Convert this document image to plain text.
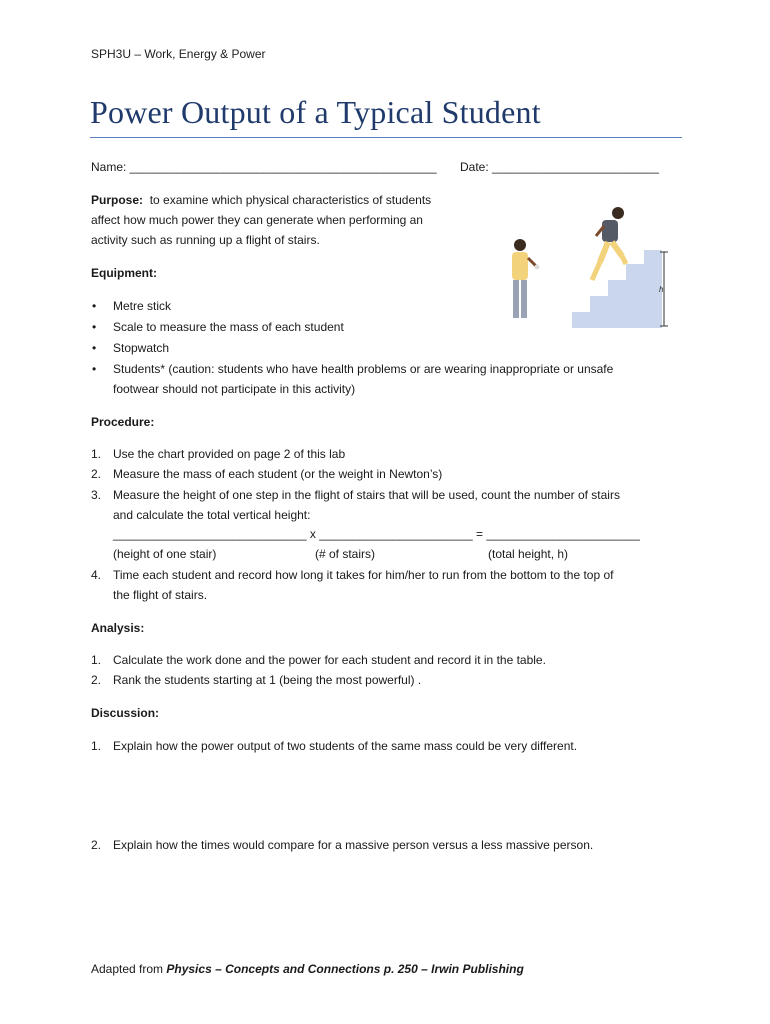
SPH3U – Work, Energy & Power
Power Output of a Typical Student
Name: ______________________________________________ Date: _________________________
Purpose: to examine which physical characteristics of students
affect how much power they can generate when performing an
activity such as running up a flight of stairs.
h
Equipment:
• Metre stick
• Scale to measure the mass of each student
• Stopwatch
• Students* (caution: students who have health problems or are wearing inappropriate or unsafe
footwear should not participate in this activity)
Procedure:
1. Use the chart provided on page 2 of this lab
2. Measure the mass of each student (or the weight in Newton’s)
3. Measure the height of one step in the flight of stairs that will be used, count the number of stairs
and calculate the total vertical height:
_____________________________ x _______________________ = _______________________
(height of one stair)	(# of stairs)	(total height, h)
4. Time each student and record how long it takes for him/her to run from the bottom to the top of
the flight of stairs.
Analysis:
1. Calculate the work done and the power for each student and record it in the table.
2. Rank the students starting at 1 (being the most powerful) .
Discussion:
1. Explain how the power output of two students of the same mass could be very different.
2. Explain how the times would compare for a massive person versus a less massive person.
Adapted from Physics – Concepts and Connections p. 250 – Irwin Publishing
